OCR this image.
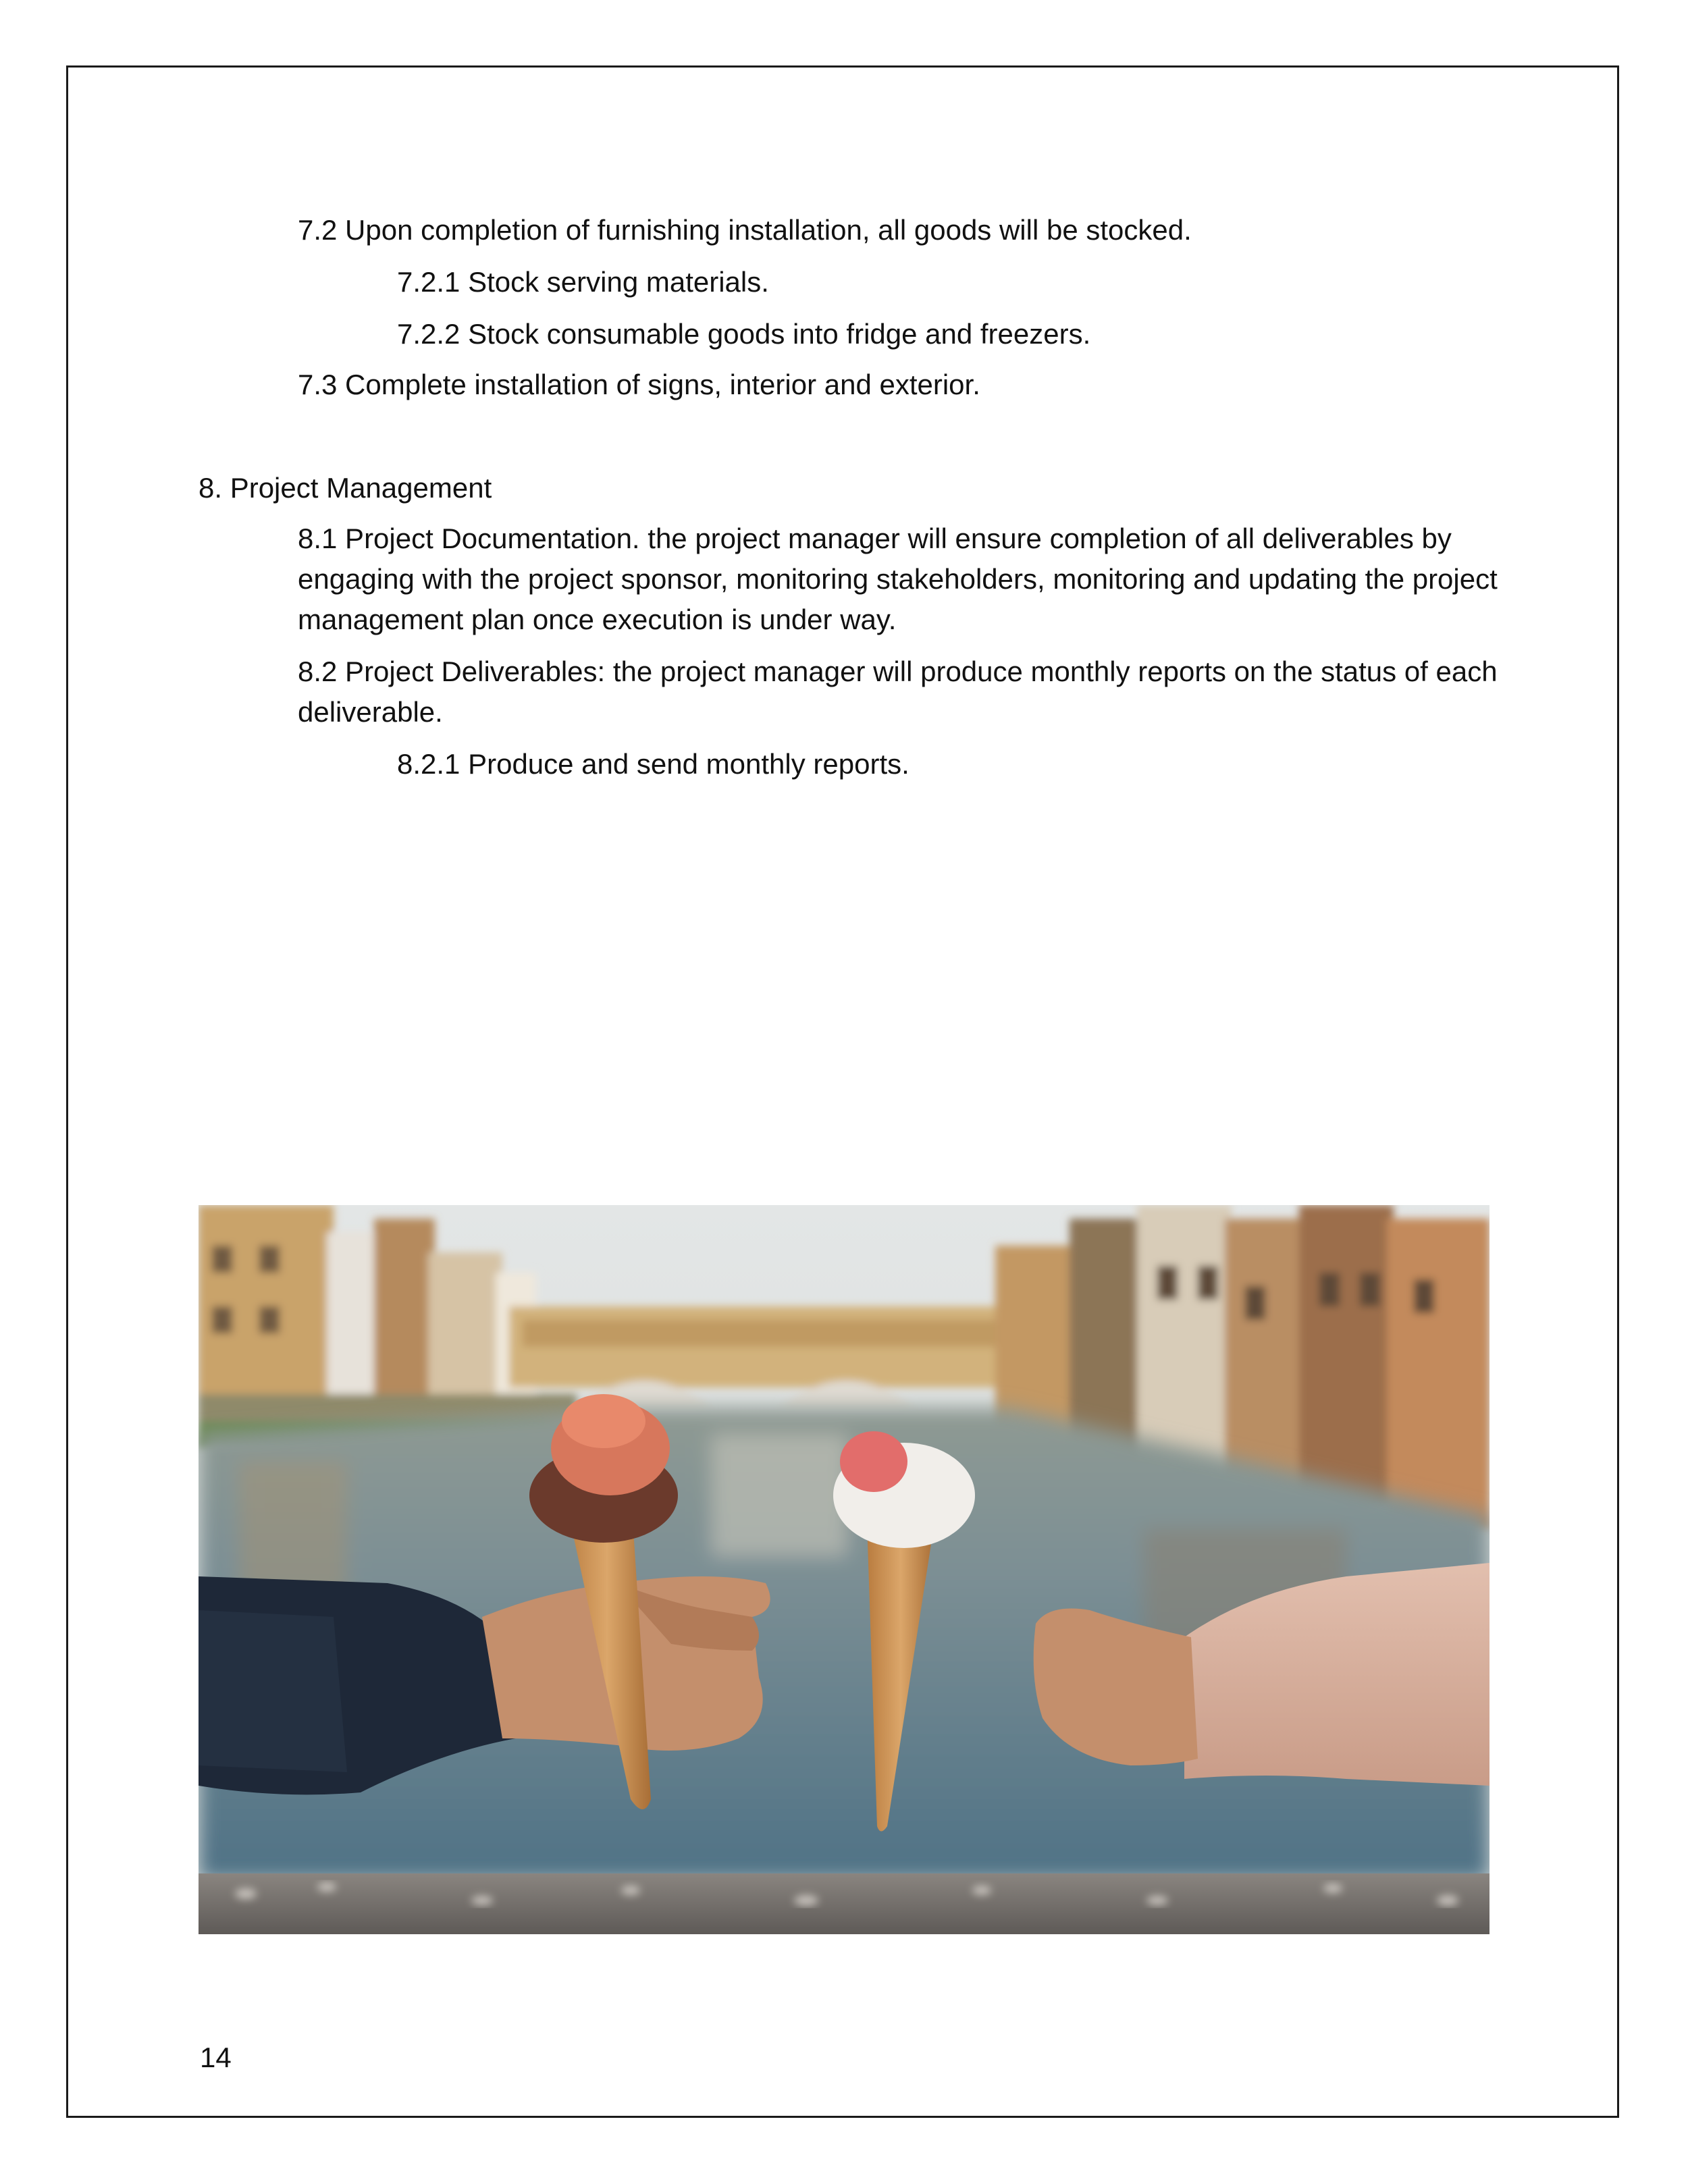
7.2 Upon completion of furnishing installation, all goods will be stocked.

7.2.1 Stock serving materials.

7.2.2 Stock consumable goods into fridge and freezers.

7.3 Complete installation of signs, interior and exterior.

8. Project Management

8.1 Project Documentation. the project manager will ensure completion of all deliverables by engaging with the project sponsor, monitoring stakeholders, monitoring and updating the project management plan once execution is under way.

8.2 Project Deliverables: the project manager will produce monthly reports on the status of each deliverable.

8.2.1 Produce and send monthly reports.

14
